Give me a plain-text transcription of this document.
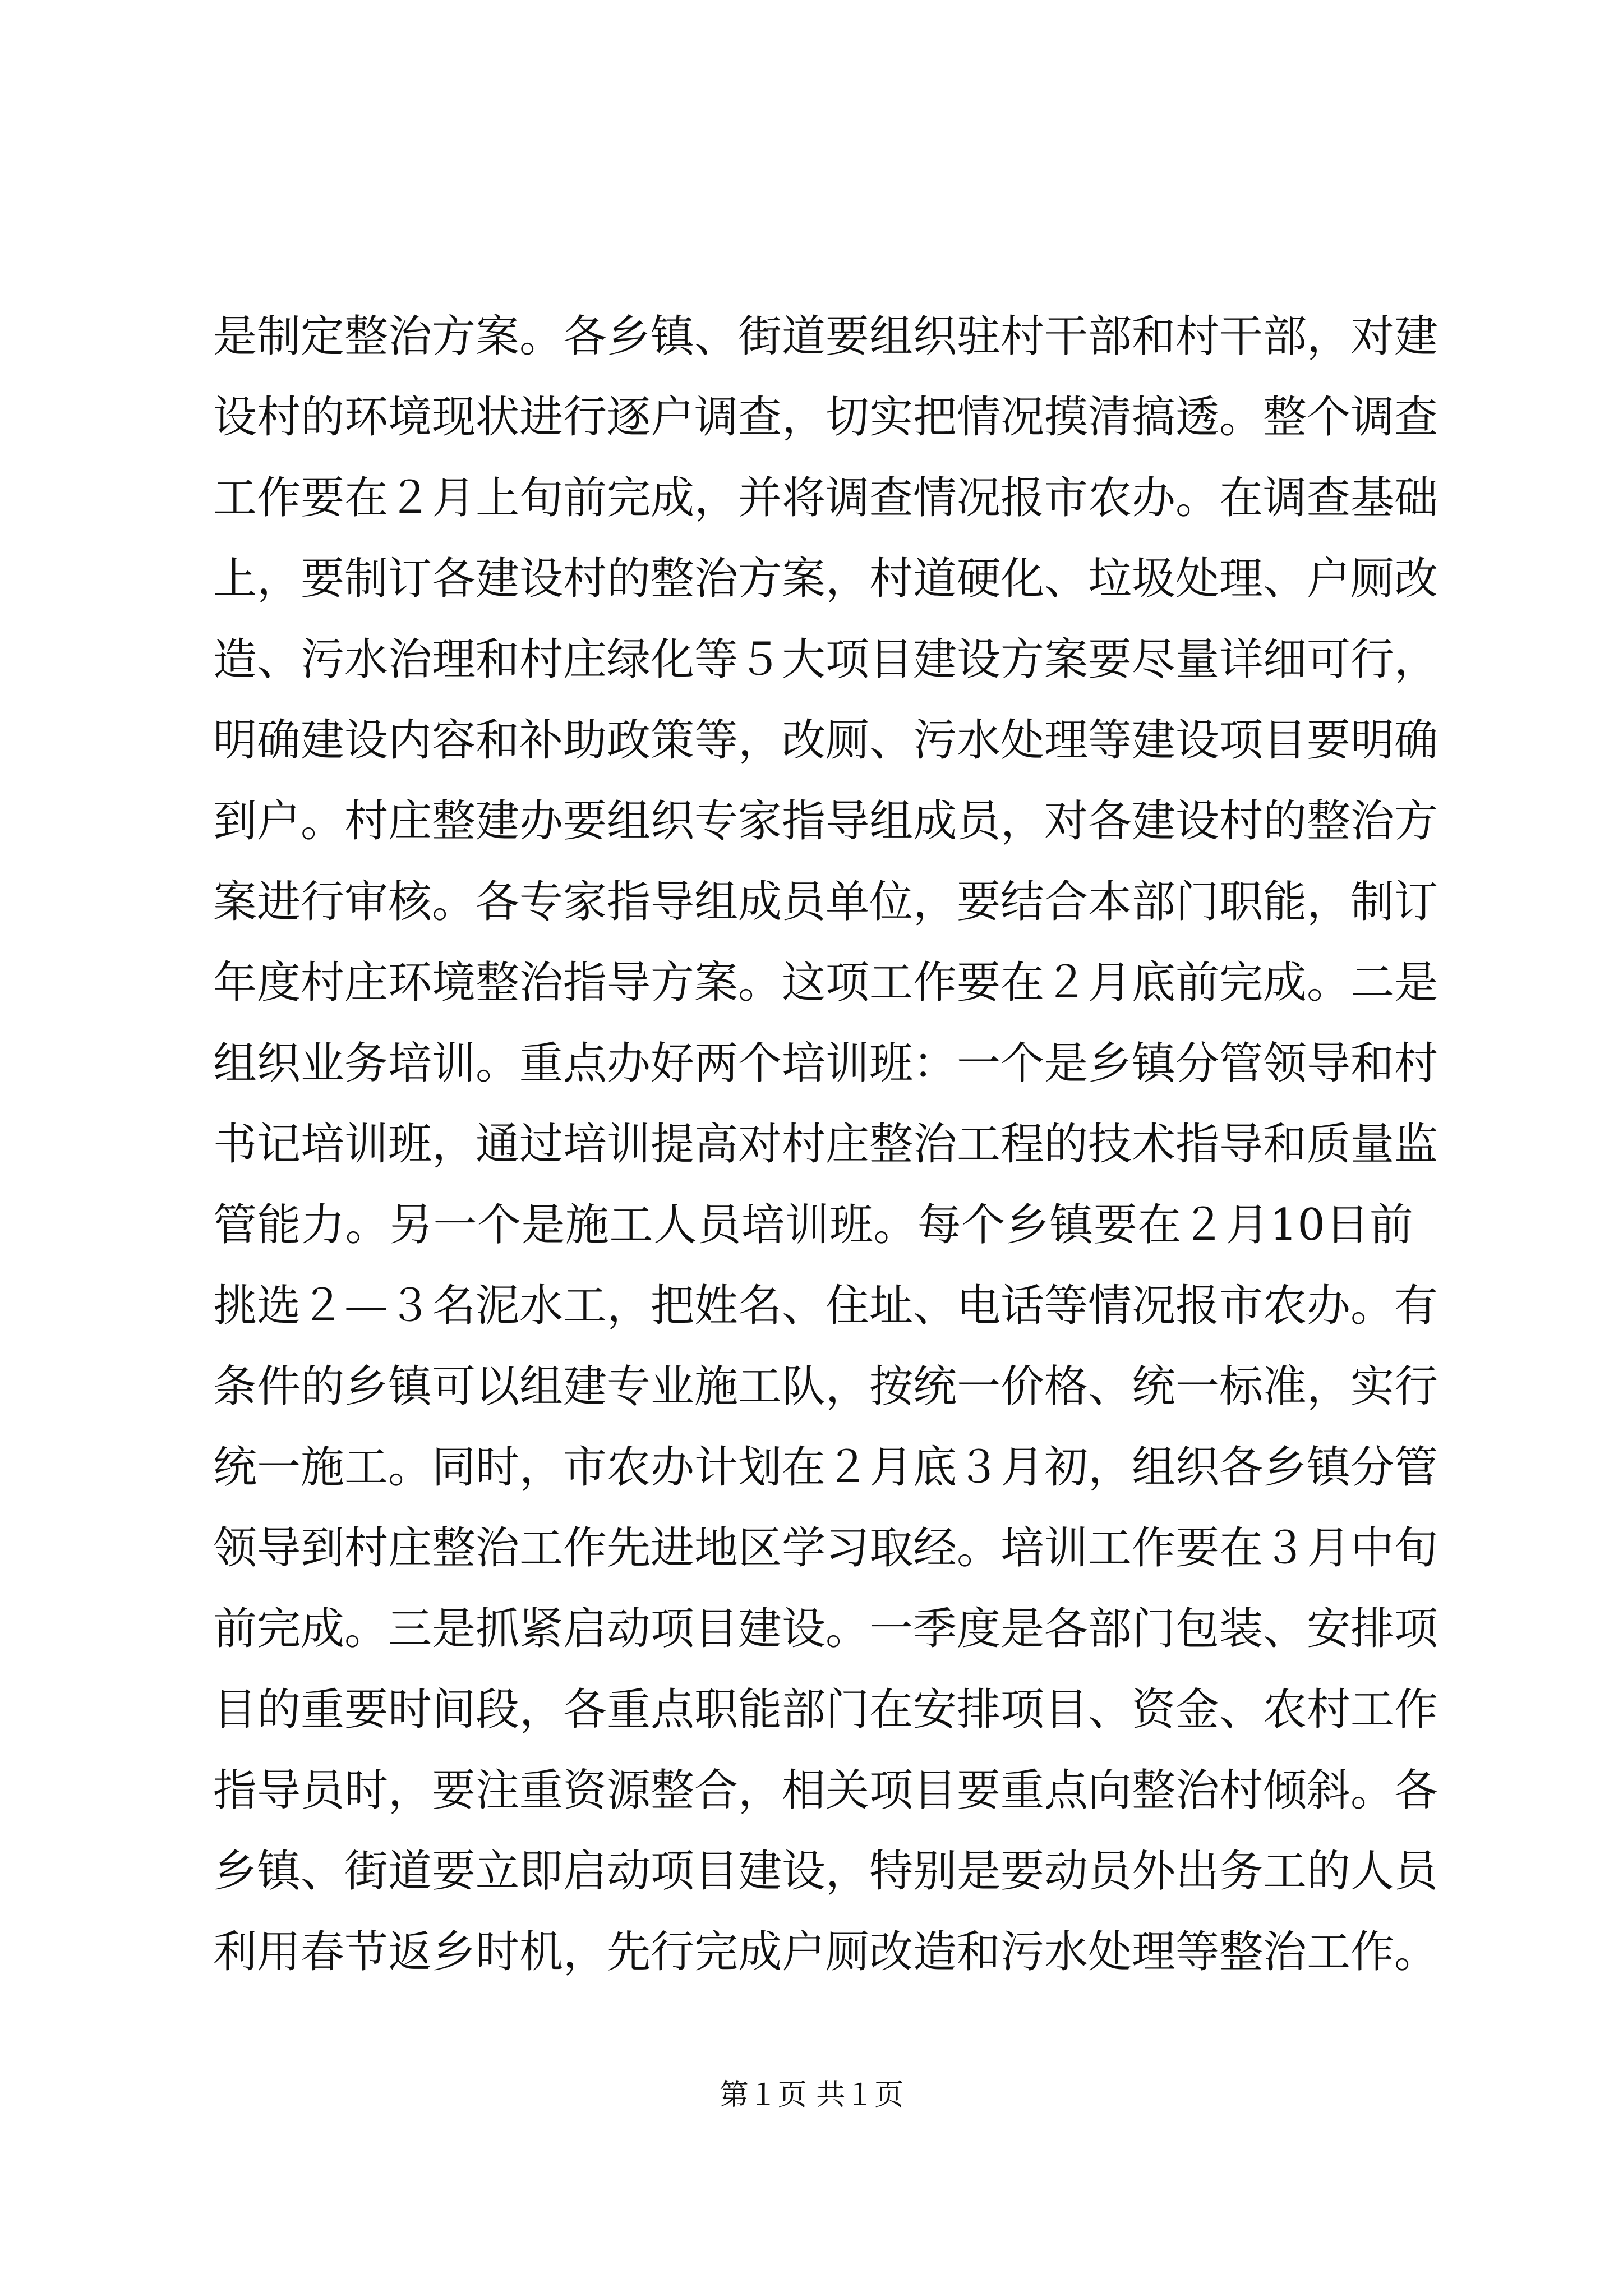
是制定整治方案。各乡镇、街道要组织驻村干部和村干部，对建
设村的环境现状进行逐户调查，切实把情况摸清搞透。整个调查
工作要在２月上旬前完成，并将调查情况报市农办。在调查基础
上，要制订各建设村的整治方案，村道硬化、垃圾处理、户厕改
造、污水治理和村庄绿化等５大项目建设方案要尽量详细可行，
明确建设内容和补助政策等，改厕、污水处理等建设项目要明确
到户。村庄整建办要组织专家指导组成员，对各建设村的整治方
案进行审核。各专家指导组成员单位，要结合本部门职能，制订
年度村庄环境整治指导方案。这项工作要在２月底前完成。二是
组织业务培训。重点办好两个培训班：一个是乡镇分管领导和村
书记培训班，通过培训提高对村庄整治工程的技术指导和质量监
管能力。另一个是施工人员培训班。每个乡镇要在２月10日前
挑选２—３名泥水工，把姓名、住址、电话等情况报市农办。有
条件的乡镇可以组建专业施工队，按统一价格、统一标准，实行
统一施工。同时，市农办计划在２月底３月初，组织各乡镇分管
领导到村庄整治工作先进地区学习取经。培训工作要在３月中旬
前完成。三是抓紧启动项目建设。一季度是各部门包装、安排项
目的重要时间段，各重点职能部门在安排项目、资金、农村工作
指导员时，要注重资源整合，相关项目要重点向整治村倾斜。各
乡镇、街道要立即启动项目建设，特别是要动员外出务工的人员
利用春节返乡时机，先行完成户厕改造和污水处理等整治工作。
第１页 共１页
